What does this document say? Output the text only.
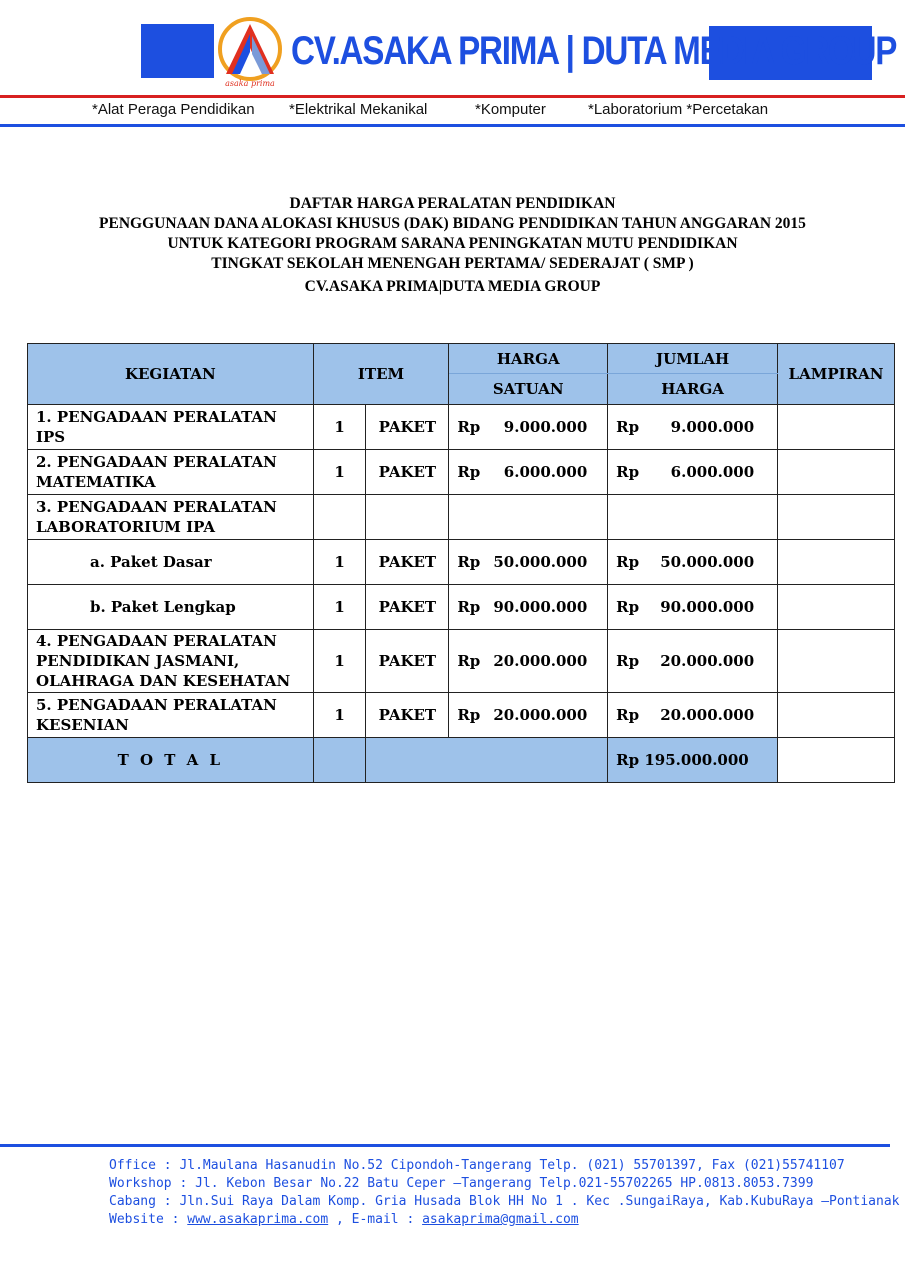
asaka prima
CV.ASAKA PRIMA | DUTA MEDIA GROUP
*Alat Peraga Pendidikan *Elektrikal Mekanikal	*Komputer	*Laboratorium *Percetakan
DAFTAR HARGA PERALATAN PENDIDIKAN
PENGGUNAAN DANA ALOKASI KHUSUS (DAK) BIDANG PENDIDIKAN TAHUN ANGGARAN 2015
UNTUK KATEGORI PROGRAM SARANA PENINGKATAN MUTU PENDIDIKAN
TINGKAT SEKOLAH MENENGAH PERTAMA/ SEDERAJAT ( SMP )
CV.ASAKA PRIMA|DUTA MEDIA GROUP
KEGIATAN	ITEM		HARGA	JUMLAH	LAMPIRAN
			SATUAN	HARGA	
1. PENGADAAN PERALATAN IPS	1	PAKET	Rp 9.000.000	Rp 9.000.000	
2. PENGADAAN PERALATAN MATEMATIKA	1	PAKET	Rp 6.000.000	Rp 6.000.000	
3. PENGADAAN PERALATAN LABORATORIUM IPA					
a. Paket Dasar	1	PAKET	Rp 50.000.000	Rp 50.000.000	
b. Paket Lengkap	1	PAKET	Rp 90.000.000	Rp 90.000.000	
4. PENGADAAN PERALATAN PENDIDIKAN JASMANI, OLAHRAGA DAN KESEHATAN	1	PAKET	Rp 20.000.000	Rp 20.000.000	
5. PENGADAAN PERALATAN KESENIAN	1	PAKET	Rp 20.000.000	Rp 20.000.000	
T O T A L				Rp 195.000.000	
Office : Jl.Maulana Hasanudin No.52 Cipondoh-Tangerang Telp. (021) 55701397, Fax (021)55741107
Workshop : Jl. Kebon Besar No.22 Batu Ceper –Tangerang Telp.021-55702265 HP.0813.8053.7399
Cabang : Jln.Sui Raya Dalam Komp. Gria Husada Blok HH No 1 . Kec .SungaiRaya, Kab.KubuRaya –Pontianak
Website : www.asakaprima.com , E-mail : asakaprima@gmail.com
